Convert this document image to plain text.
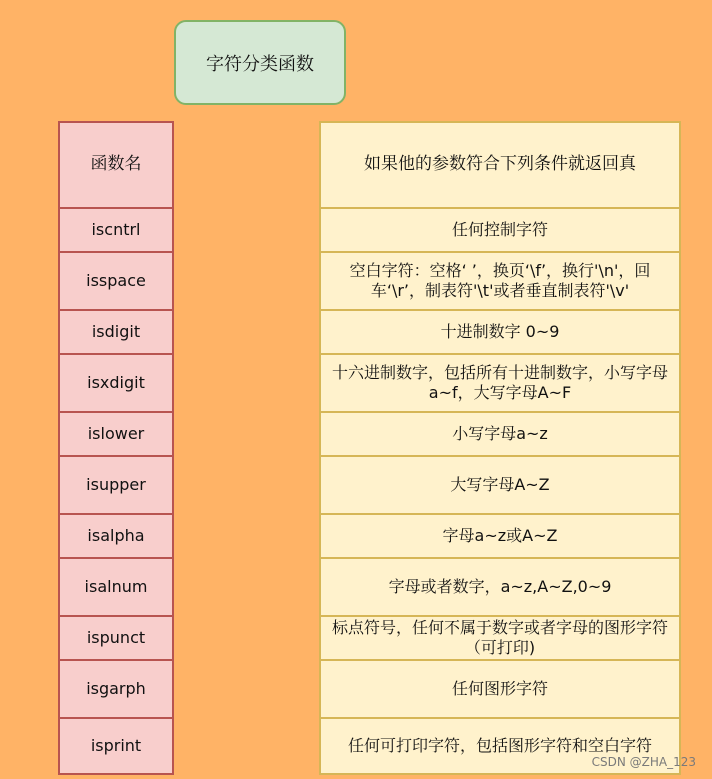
字符分类函数
函数名
iscntrl
isspace
isdigit
isxdigit
islower
isupper
isalpha
isalnum
ispunct
isgarph
isprint
如果他的参数符合下列条件就返回真
任何控制字符
空白字符：空格‘ ’，换页‘\f’，换行'\n'，回车‘\r’，制表符'\t'或者垂直制表符'\v'
十进制数字 0~9
十六进制数字，包括所有十进制数字，小写字母a~f，大写字母A~F
小写字母a~z
大写字母A~Z
字母a~z或A~Z
字母或者数字，a~z,A~Z,0~9
标点符号，任何不属于数字或者字母的图形字符（可打印)
任何图形字符
任何可打印字符，包括图形字符和空白字符
CSDN @ZHA_123
